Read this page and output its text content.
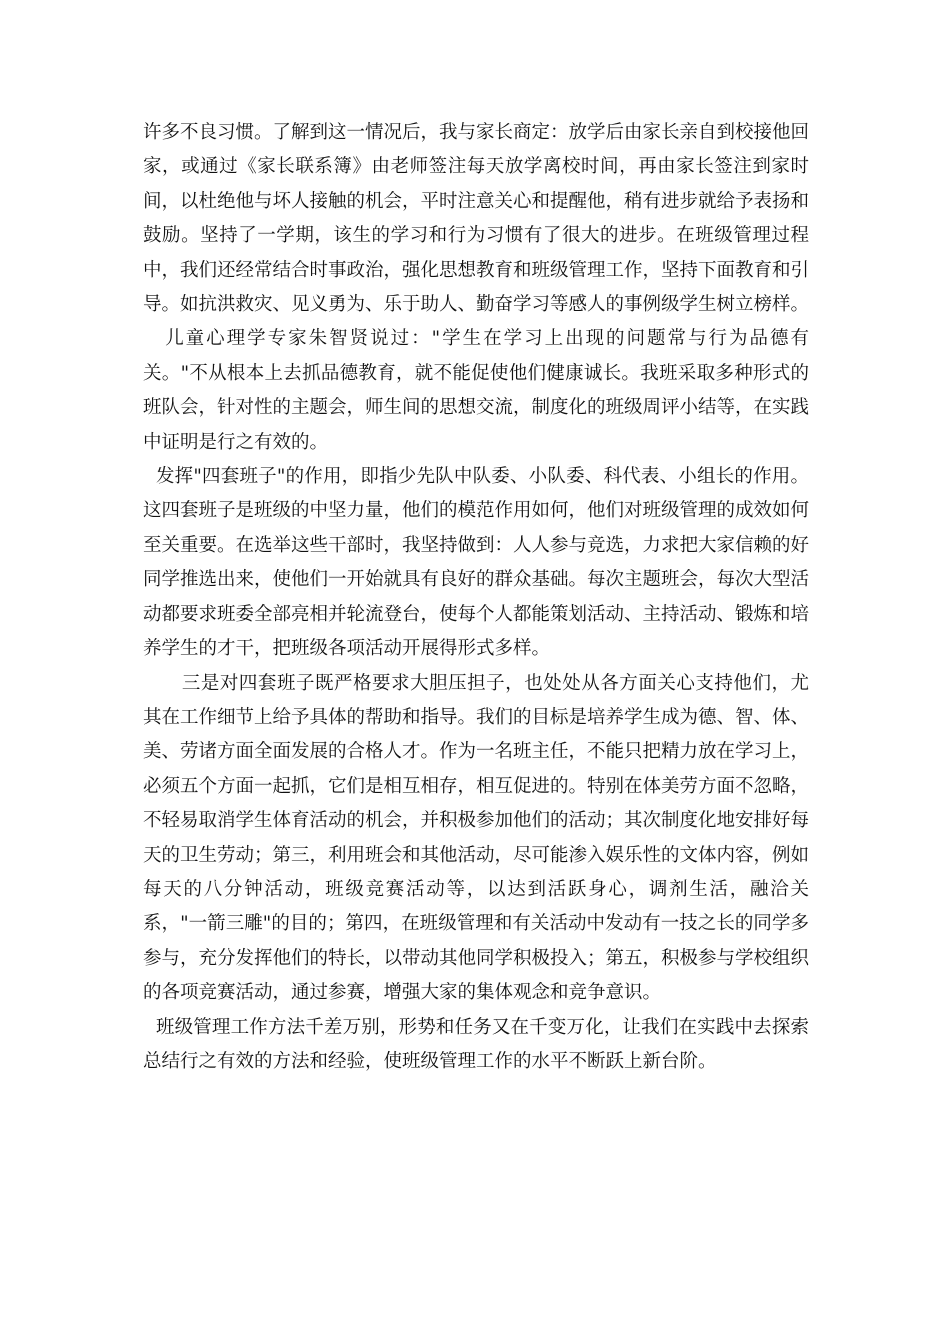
许多不良习惯。了解到这一情况后，我与家长商定：放学后由家长亲自到校接他回家，或通过《家长联系簿》由老师签注每天放学离校时间，再由家长签注到家时间，以杜绝他与坏人接触的机会，平时注意关心和提醒他，稍有进步就给予表扬和鼓励。坚持了一学期，该生的学习和行为习惯有了很大的进步。在班级管理过程中，我们还经常结合时事政治，强化思想教育和班级管理工作，坚持下面教育和引导。如抗洪救灾、见义勇为、乐于助人、勤奋学习等感人的事例级学生树立榜样。

儿童心理学专家朱智贤说过："学生在学习上出现的问题常与行为品德有关。"不从根本上去抓品德教育，就不能促使他们健康诚长。我班采取多种形式的班队会，针对性的主题会，师生间的思想交流，制度化的班级周评小结等，在实践中证明是行之有效的。

发挥"四套班子"的作用，即指少先队中队委、小队委、科代表、小组长的作用。这四套班子是班级的中坚力量，他们的模范作用如何，他们对班级管理的成效如何至关重要。在选举这些干部时，我坚持做到：人人参与竞选，力求把大家信赖的好同学推选出来，使他们一开始就具有良好的群众基础。每次主题班会，每次大型活动都要求班委全部亮相并轮流登台，使每个人都能策划活动、主持活动、锻炼和培养学生的才干，把班级各项活动开展得形式多样。

三是对四套班子既严格要求大胆压担子，也处处从各方面关心支持他们，尤其在工作细节上给予具体的帮助和指导。我们的目标是培养学生成为德、智、体、美、劳诸方面全面发展的合格人才。作为一名班主任，不能只把精力放在学习上，必须五个方面一起抓，它们是相互相存，相互促进的。特别在体美劳方面不忽略，不轻易取消学生体育活动的机会，并积极参加他们的活动；其次制度化地安排好每天的卫生劳动；第三，利用班会和其他活动，尽可能渗入娱乐性的文体内容，例如每天的八分钟活动，班级竞赛活动等，以达到活跃身心，调剂生活，融洽关系，"一箭三雕"的目的；第四，在班级管理和有关活动中发动有一技之长的同学多参与，充分发挥他们的特长，以带动其他同学积极投入；第五，积极参与学校组织的各项竞赛活动，通过参赛，增强大家的集体观念和竞争意识。

班级管理工作方法千差万别，形势和任务又在千变万化，让我们在实践中去探索总结行之有效的方法和经验，使班级管理工作的水平不断跃上新台阶。
